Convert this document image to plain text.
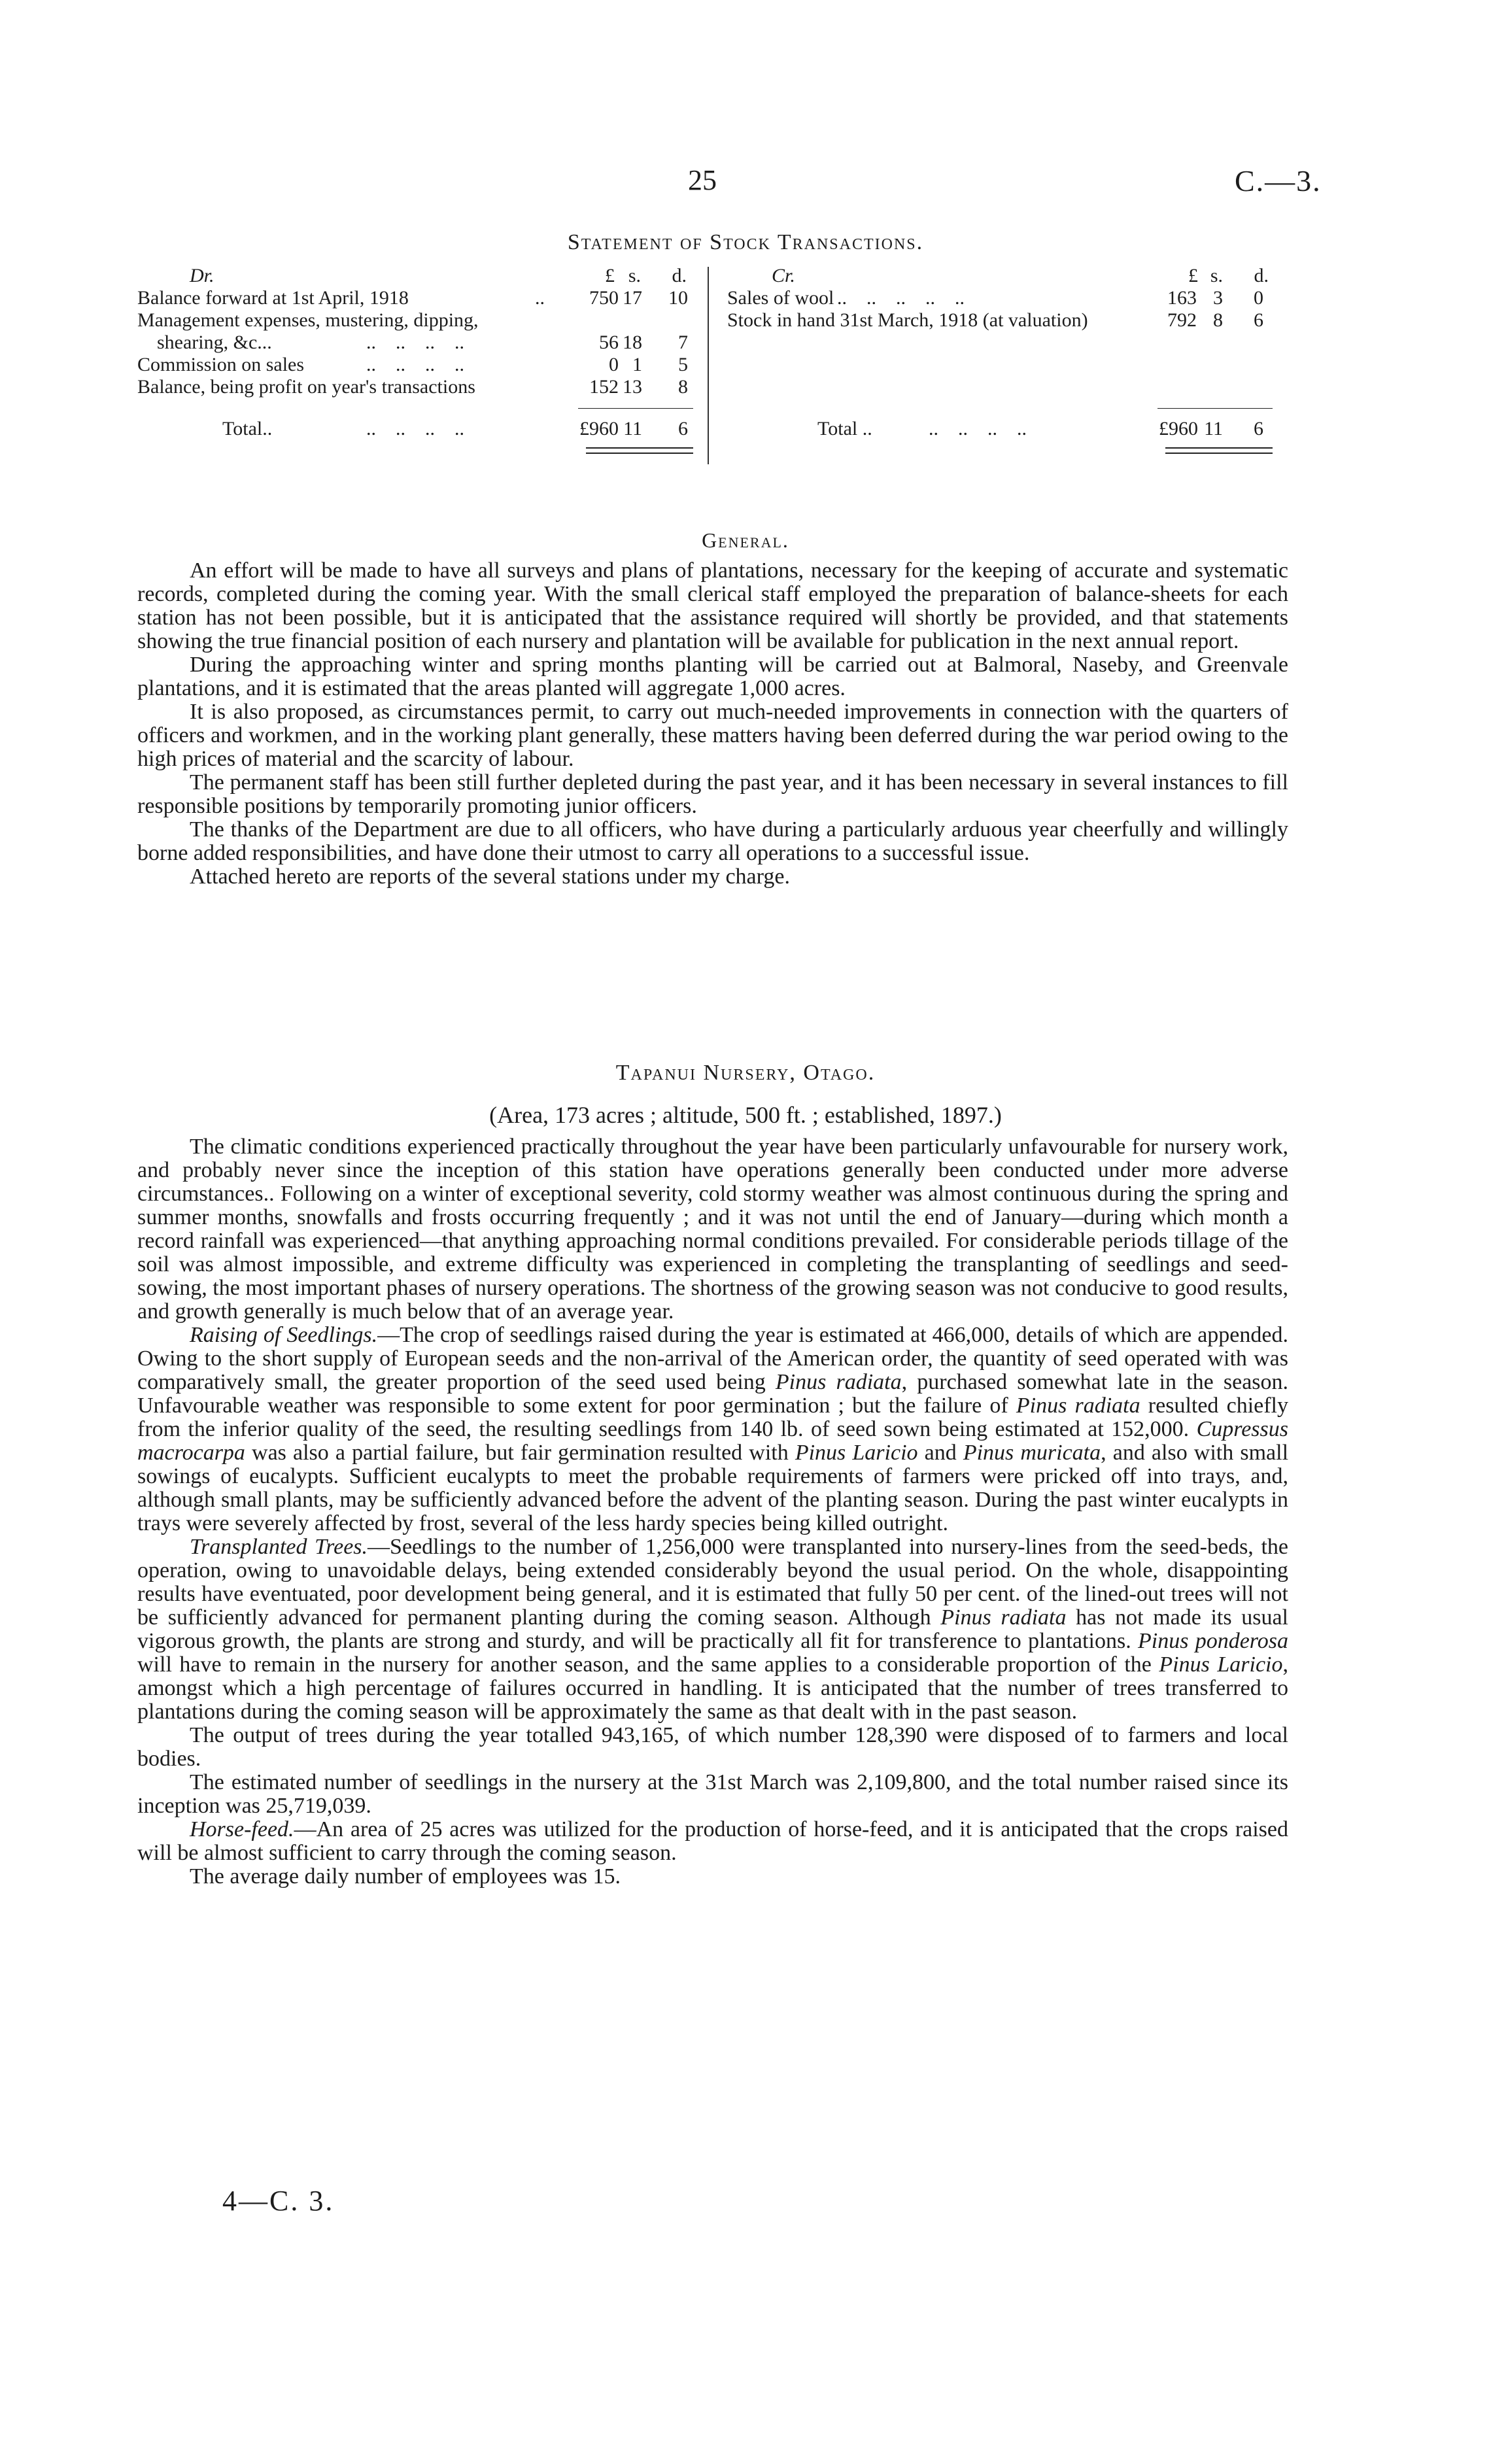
25	C.—3.
Statement of Stock Transactions.
Dr.	£ s.	d.
Balance forward at 1st April, 1918	..	750 17	10
Management expenses, mustering, dipping,
shearing, &c...	..    ..    ..    ..	56 18	7
Commission on sales	..    ..    ..    ..	0 1	5
Balance, being profit on year's transactions	152 13	8
Total..	..    ..    ..    ..	£960 11	6
Cr.	£ s.	d.
Sales of wool ..    ..    ..    ..    ..	163 3	0
Stock in hand 31st March, 1918 (at valuation)	792 8	6
Total ..	..    ..    ..    ..	£960 11	6
General.

An effort will be made to have all surveys and plans of plantations, necessary for the keeping of accurate and systematic records, completed during the coming year. With the small clerical staff employed the preparation of balance-sheets for each station has not been possible, but it is anticipated that the assistance required will shortly be provided, and that statements showing the true financial position of each nursery and plantation will be available for publication in the next annual report.

During the approaching winter and spring months planting will be carried out at Balmoral, Naseby, and Greenvale plantations, and it is estimated that the areas planted will aggregate 1,000 acres.

It is also proposed, as circumstances permit, to carry out much-needed improvements in connection with the quarters of officers and workmen, and in the working plant generally, these matters having been deferred during the war period owing to the high prices of material and the scarcity of labour.

The permanent staff has been still further depleted during the past year, and it has been necessary in several instances to fill responsible positions by temporarily promoting junior officers.

The thanks of the Department are due to all officers, who have during a particularly arduous year cheerfully and willingly borne added responsibilities, and have done their utmost to carry all operations to a successful issue.

Attached hereto are reports of the several stations under my charge.

Tapanui Nursery, Otago.
(Area, 173 acres ; altitude, 500 ft. ; established, 1897.)

The climatic conditions experienced practically throughout the year have been particularly unfavourable for nursery work, and probably never since the inception of this station have operations generally been conducted under more adverse circumstances.. Following on a winter of exceptional severity, cold stormy weather was almost continuous during the spring and summer months, snowfalls and frosts occurring frequently ; and it was not until the end of January—during which month a record rainfall was experienced—that anything approaching normal conditions prevailed. For considerable periods tillage of the soil was almost impossible, and extreme difficulty was experienced in completing the transplanting of seedlings and seed-sowing, the most important phases of nursery operations. The shortness of the growing season was not conducive to good results, and growth generally is much below that of an average year.

Raising of Seedlings.—The crop of seedlings raised during the year is estimated at 466,000, details of which are appended. Owing to the short supply of European seeds and the non-arrival of the American order, the quantity of seed operated with was comparatively small, the greater proportion of the seed used being Pinus radiata, purchased somewhat late in the season. Unfavourable weather was responsible to some extent for poor germination ; but the failure of Pinus radiata resulted chiefly from the inferior quality of the seed, the resulting seedlings from 140 lb. of seed sown being estimated at 152,000. Cupressus macrocarpa was also a partial failure, but fair germination resulted with Pinus Laricio and Pinus muricata, and also with small sowings of eucalypts. Sufficient eucalypts to meet the probable requirements of farmers were pricked off into trays, and, although small plants, may be sufficiently advanced before the advent of the planting season. During the past winter eucalypts in trays were severely affected by frost, several of the less hardy species being killed outright.

Transplanted Trees.—Seedlings to the number of 1,256,000 were transplanted into nursery-lines from the seed-beds, the operation, owing to unavoidable delays, being extended considerably beyond the usual period. On the whole, disappointing results have eventuated, poor development being general, and it is estimated that fully 50 per cent. of the lined-out trees will not be sufficiently advanced for permanent planting during the coming season. Although Pinus radiata has not made its usual vigorous growth, the plants are strong and sturdy, and will be practically all fit for transference to plantations. Pinus ponderosa will have to remain in the nursery for another season, and the same applies to a considerable proportion of the Pinus Laricio, amongst which a high percentage of failures occurred in handling. It is anticipated that the number of trees transferred to plantations during the coming season will be approximately the same as that dealt with in the past season.

The output of trees during the year totalled 943,165, of which number 128,390 were disposed of to farmers and local bodies.

The estimated number of seedlings in the nursery at the 31st March was 2,109,800, and the total number raised since its inception was 25,719,039.

Horse-feed.—An area of 25 acres was utilized for the production of horse-feed, and it is anticipated that the crops raised will be almost sufficient to carry through the coming season.

The average daily number of employees was 15.

4—C. 3.
